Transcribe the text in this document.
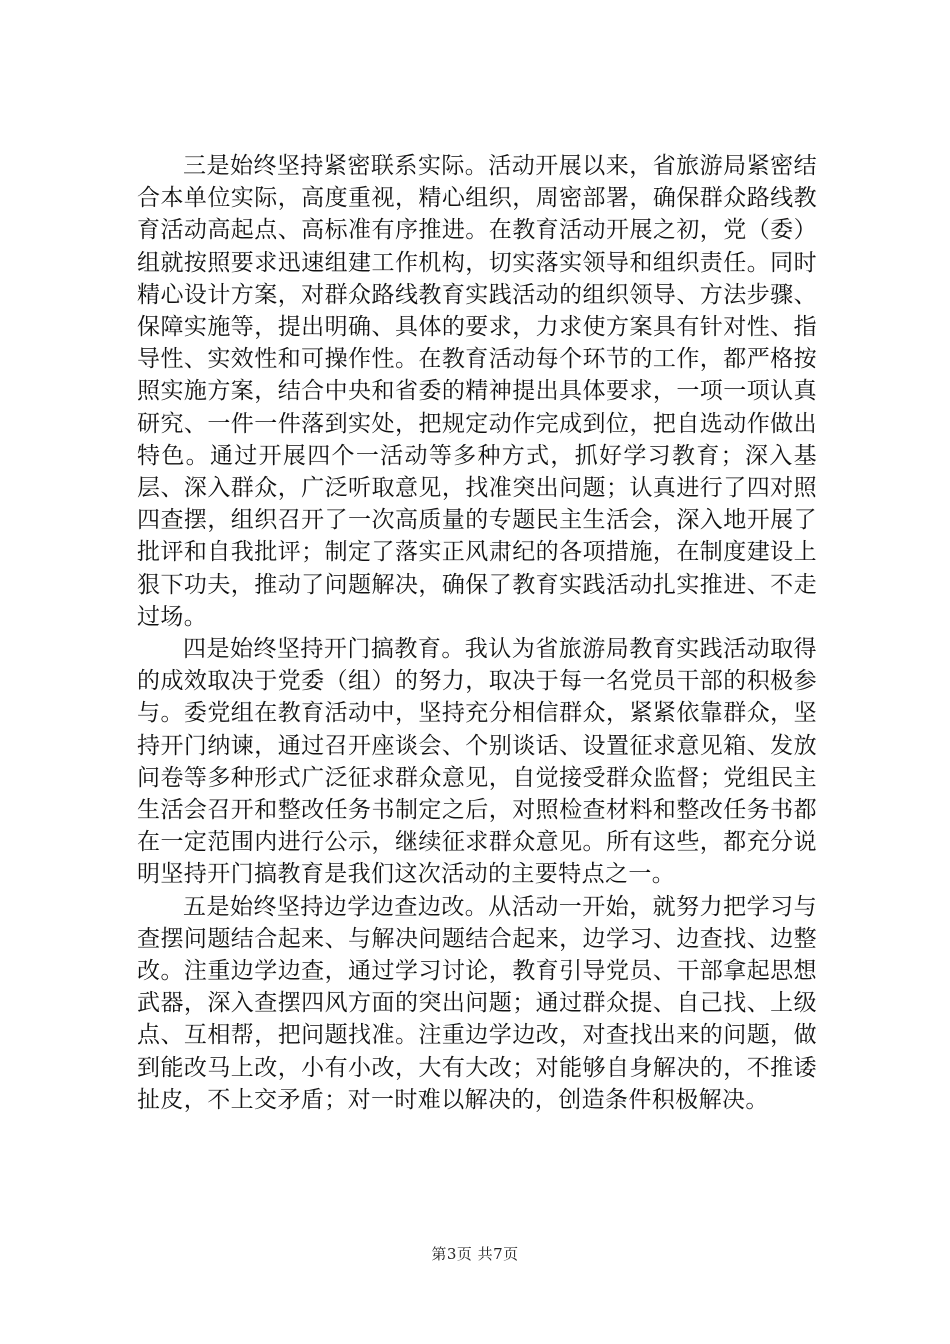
三是始终坚持紧密联系实际。活动开展以来，省旅游局紧密结合本单位实际，高度重视，精心组织，周密部署，确保群众路线教育活动高起点、高标准有序推进。在教育活动开展之初，党（委）组就按照要求迅速组建工作机构，切实落实领导和组织责任。同时精心设计方案，对群众路线教育实践活动的组织领导、方法步骤、保障实施等，提出明确、具体的要求，力求使方案具有针对性、指导性、实效性和可操作性。在教育活动每个环节的工作，都严格按照实施方案，结合中央和省委的精神提出具体要求，一项一项认真研究、一件一件落到实处，把规定动作完成到位，把自选动作做出特色。通过开展四个一活动等多种方式，抓好学习教育；深入基层、深入群众，广泛听取意见，找准突出问题；认真进行了四对照四查摆，组织召开了一次高质量的专题民主生活会，深入地开展了批评和自我批评；制定了落实正风肃纪的各项措施，在制度建设上狠下功夫，推动了问题解决，确保了教育实践活动扎实推进、不走过场。

四是始终坚持开门搞教育。我认为省旅游局教育实践活动取得的成效取决于党委（组）的努力，取决于每一名党员干部的积极参与。委党组在教育活动中，坚持充分相信群众，紧紧依靠群众，坚持开门纳谏，通过召开座谈会、个别谈话、设置征求意见箱、发放问卷等多种形式广泛征求群众意见，自觉接受群众监督；党组民主生活会召开和整改任务书制定之后，对照检查材料和整改任务书都在一定范围内进行公示，继续征求群众意见。所有这些，都充分说明坚持开门搞教育是我们这次活动的主要特点之一。

五是始终坚持边学边查边改。从活动一开始，就努力把学习与查摆问题结合起来、与解决问题结合起来，边学习、边查找、边整改。注重边学边查，通过学习讨论，教育引导党员、干部拿起思想武器，深入查摆四风方面的突出问题；通过群众提、自己找、上级点、互相帮，把问题找准。注重边学边改，对查找出来的问题，做到能改马上改，小有小改，大有大改；对能够自身解决的，不推诿扯皮，不上交矛盾；对一时难以解决的，创造条件积极解决。

第3页 共7页
